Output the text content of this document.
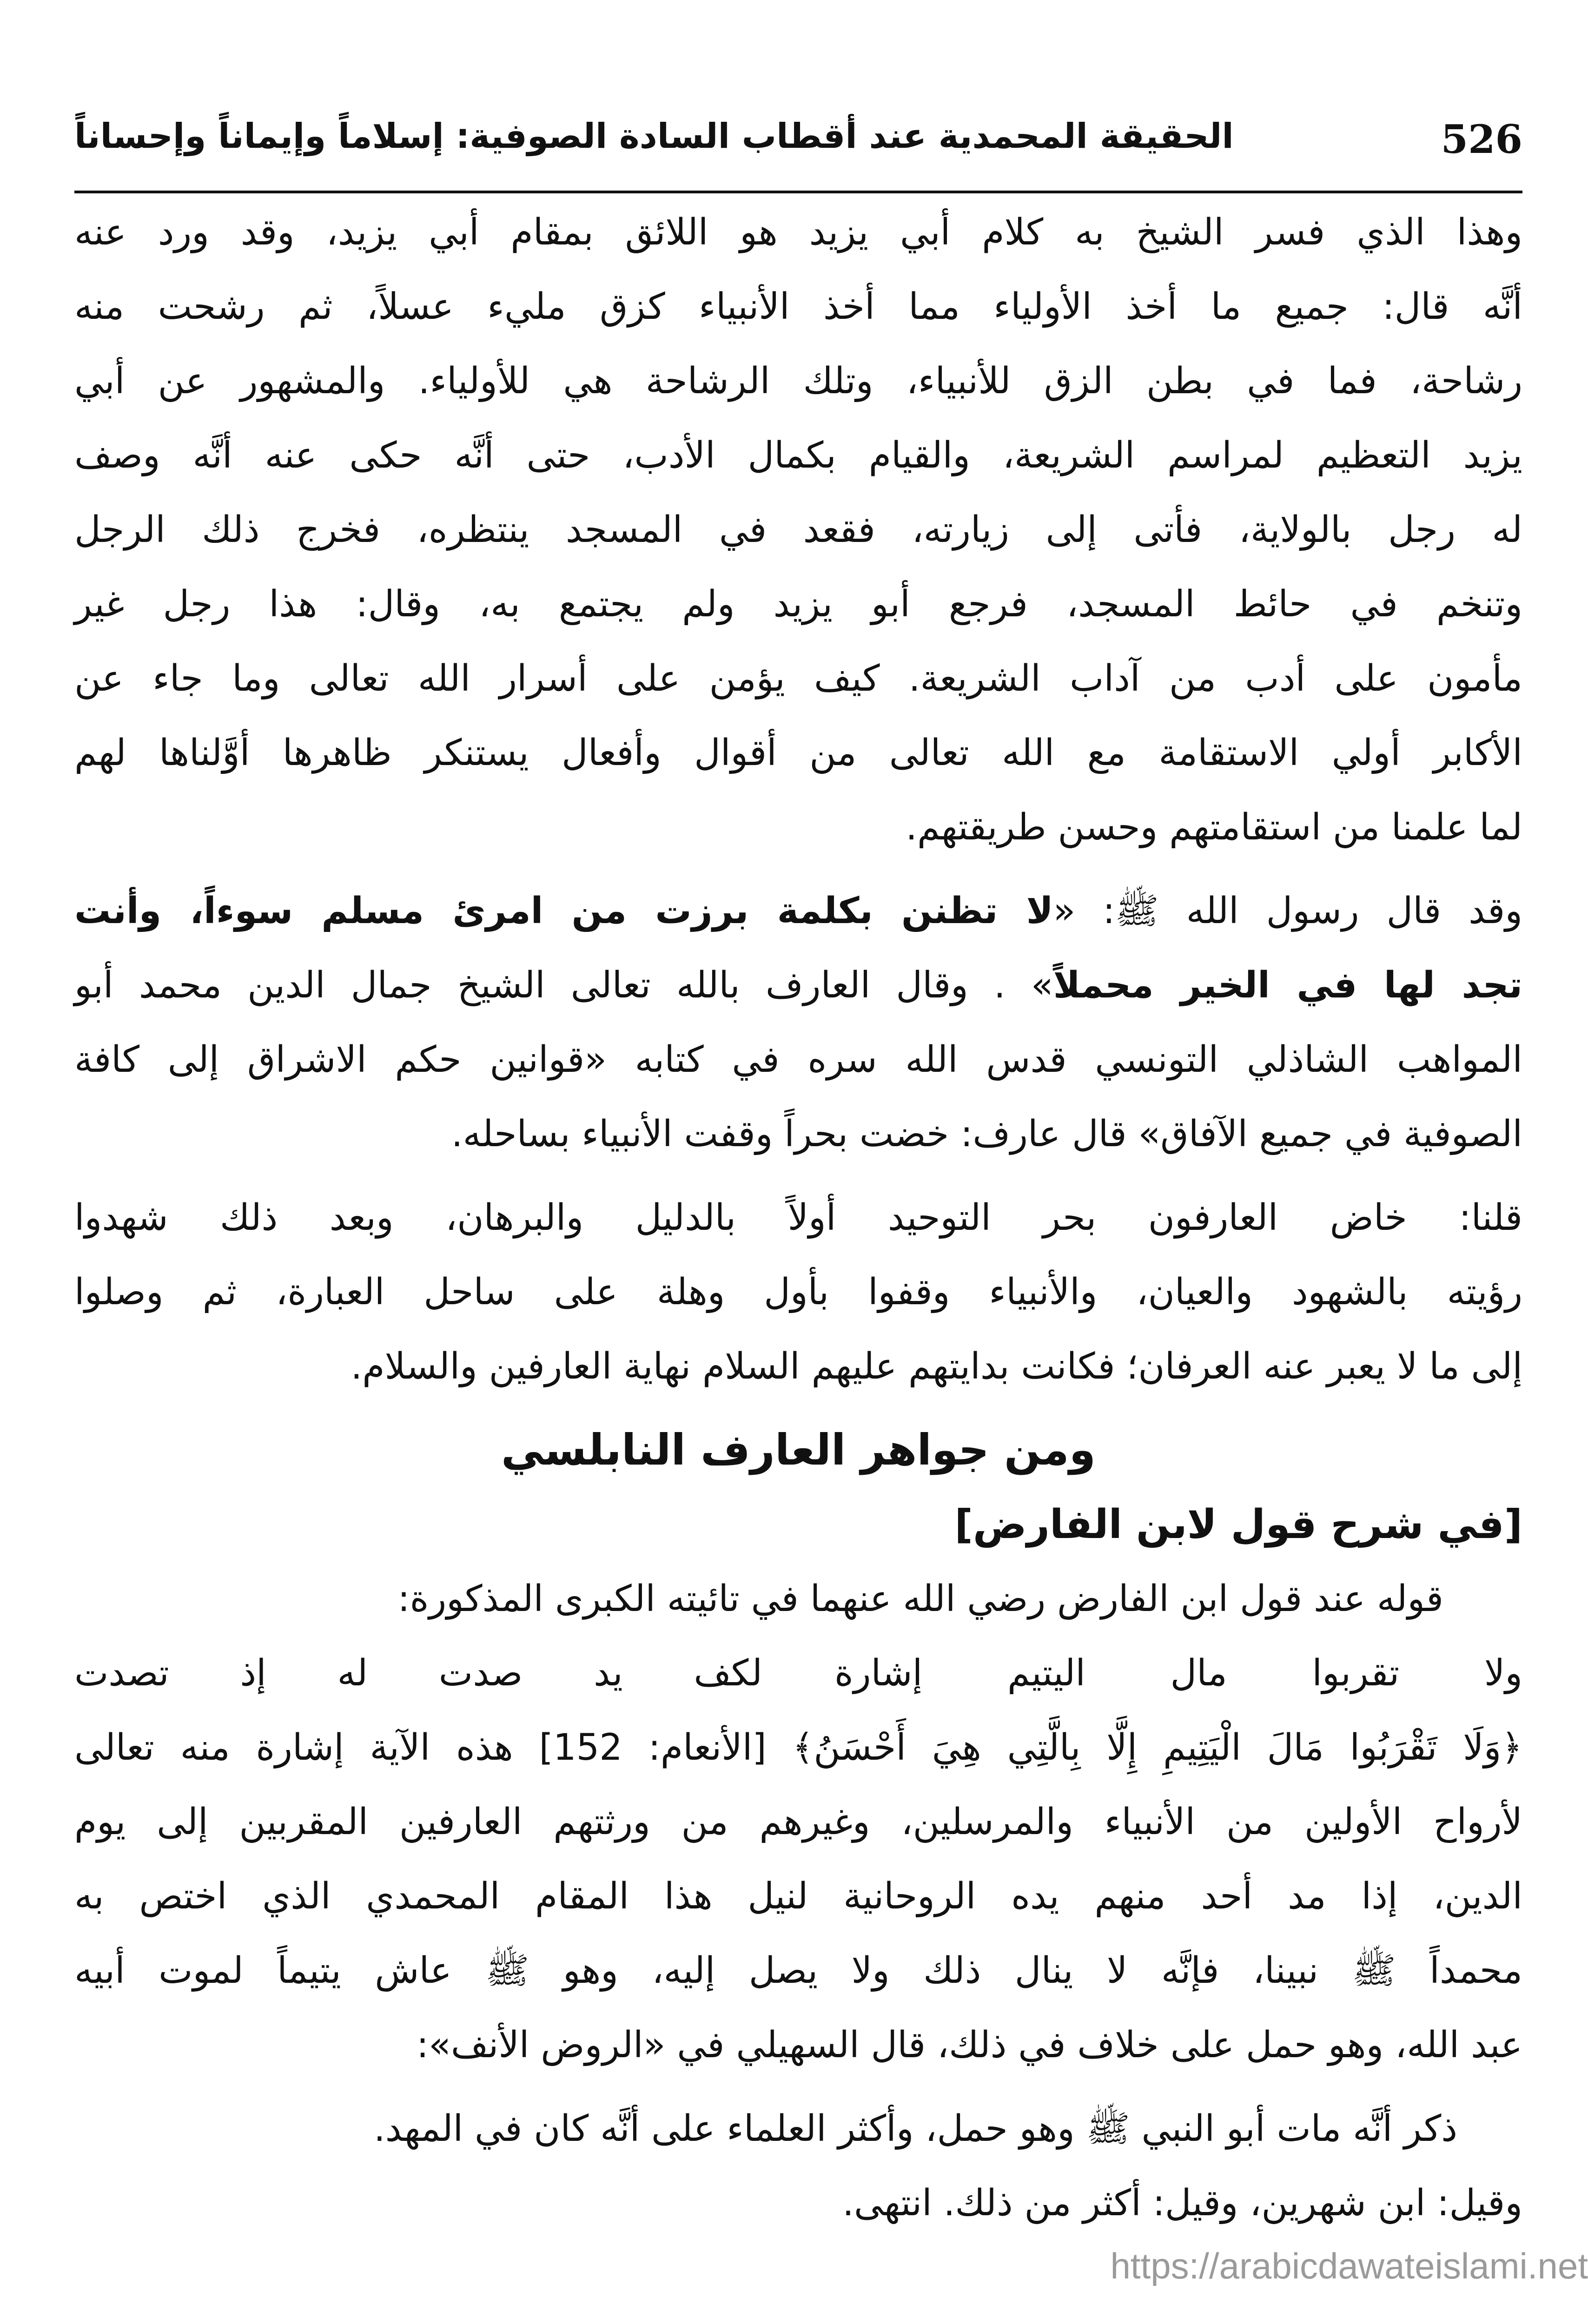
526
الحقيقة المحمدية عند أقطاب السادة الصوفية: إسلاماً وإيماناً وإحساناً
وهذا الذي فسر الشيخ به كلام أبي يزيد هو اللائق بمقام أبي يزيد، وقد ورد عنه
أنَّه قال: جميع ما أخذ الأولياء مما أخذ الأنبياء كزق مليء عسلاً، ثم رشحت منه
رشاحة، فما في بطن الزق للأنبياء، وتلك الرشاحة هي للأولياء. والمشهور عن أبي
يزيد التعظيم لمراسم الشريعة، والقيام بكمال الأدب، حتى أنَّه حكى عنه أنَّه وصف
له رجل بالولاية، فأتى إلى زيارته، فقعد في المسجد ينتظره، فخرج ذلك الرجل
وتنخم في حائط المسجد، فرجع أبو يزيد ولم يجتمع به، وقال: هذا رجل غير
مأمون على أدب من آداب الشريعة. كيف يؤمن على أسرار الله تعالى وما جاء عن
الأكابر أولي الاستقامة مع الله تعالى من أقوال وأفعال يستنكر ظاهرها أوَّلناها لهم
لما علمنا من استقامتهم وحسن طريقتهم.
وقد قال رسول الله ﷺ: «لا تظنن بكلمة برزت من امرئ مسلم سوءاً، وأنت
تجد لها في الخير محملاً» . وقال العارف بالله تعالى الشيخ جمال الدين محمد أبو
المواهب الشاذلي التونسي قدس الله سره في كتابه «قوانين حكم الاشراق إلى كافة
الصوفية في جميع الآفاق» قال عارف: خضت بحراً وقفت الأنبياء بساحله.
قلنا: خاض العارفون بحر التوحيد أولاً بالدليل والبرهان، وبعد ذلك شهدوا
رؤيته بالشهود والعيان، والأنبياء وقفوا بأول وهلة على ساحل العبارة، ثم وصلوا
إلى ما لا يعبر عنه العرفان؛ فكانت بدايتهم عليهم السلام نهاية العارفين والسلام.
ومن جواهر العارف النابلسي
[في شرح قول لابن الفارض]
قوله عند قول ابن الفارض رضي الله عنهما في تائيته الكبرى المذكورة:
ولا تقربوا مال اليتيم إشارة
لكف يد صدت له إذ تصدت
﴿وَلَا تَقْرَبُوا مَالَ الْيَتِيمِ إِلَّا بِالَّتِي هِيَ أَحْسَنُ﴾ [الأنعام: 152] هذه الآية إشارة منه تعالى
لأرواح الأولين من الأنبياء والمرسلين، وغيرهم من ورثتهم العارفين المقربين إلى يوم
الدين، إذا مد أحد منهم يده الروحانية لنيل هذا المقام المحمدي الذي اختص به
محمداً ﷺ نبينا، فإنَّه لا ينال ذلك ولا يصل إليه، وهو ﷺ عاش يتيماً لموت أبيه
عبد الله، وهو حمل على خلاف في ذلك، قال السهيلي في «الروض الأنف»:
ذكر أنَّه مات أبو النبي ﷺ وهو حمل، وأكثر العلماء على أنَّه كان في المهد.
وقيل: ابن شهرين، وقيل: أكثر من ذلك. انتهى.
https://arabicdawateislami.net
